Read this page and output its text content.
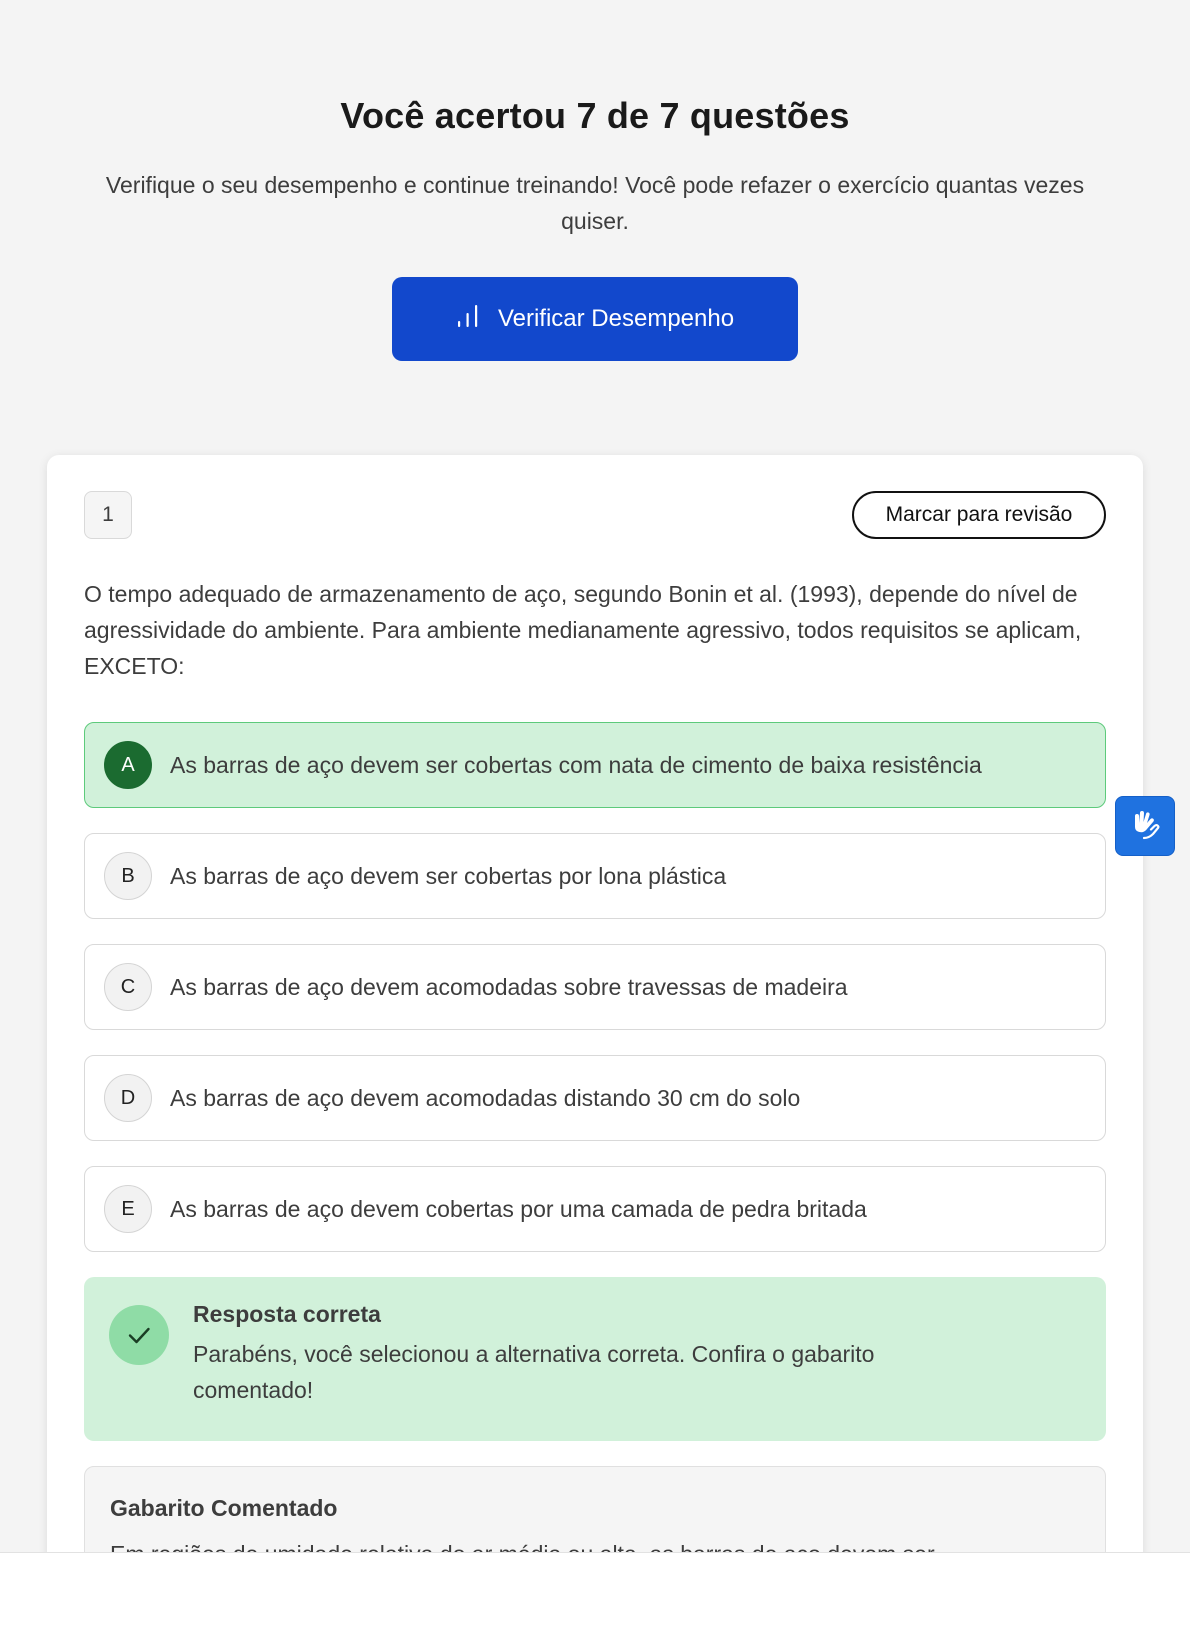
Você acertou 7 de 7 questões

Verifique o seu desempenho e continue treinando! Você pode refazer o exercício quantas vezes quiser.

Verificar Desempenho
1	Marcar para revisão

O tempo adequado de armazenamento de aço, segundo Bonin et al. (1993), depende do nível de agressividade do ambiente. Para ambiente medianamente agressivo, todos requisitos se aplicam, EXCETO:

A	As barras de aço devem ser cobertas com nata de cimento de baixa resistência
B	As barras de aço devem ser cobertas por lona plástica
C	As barras de aço devem acomodadas sobre travessas de madeira
D	As barras de aço devem acomodadas distando 30 cm do solo
E	As barras de aço devem cobertas por uma camada de pedra britada
Resposta correta
Parabéns, você selecionou a alternativa correta. Confira o gabarito comentado!
Gabarito Comentado
